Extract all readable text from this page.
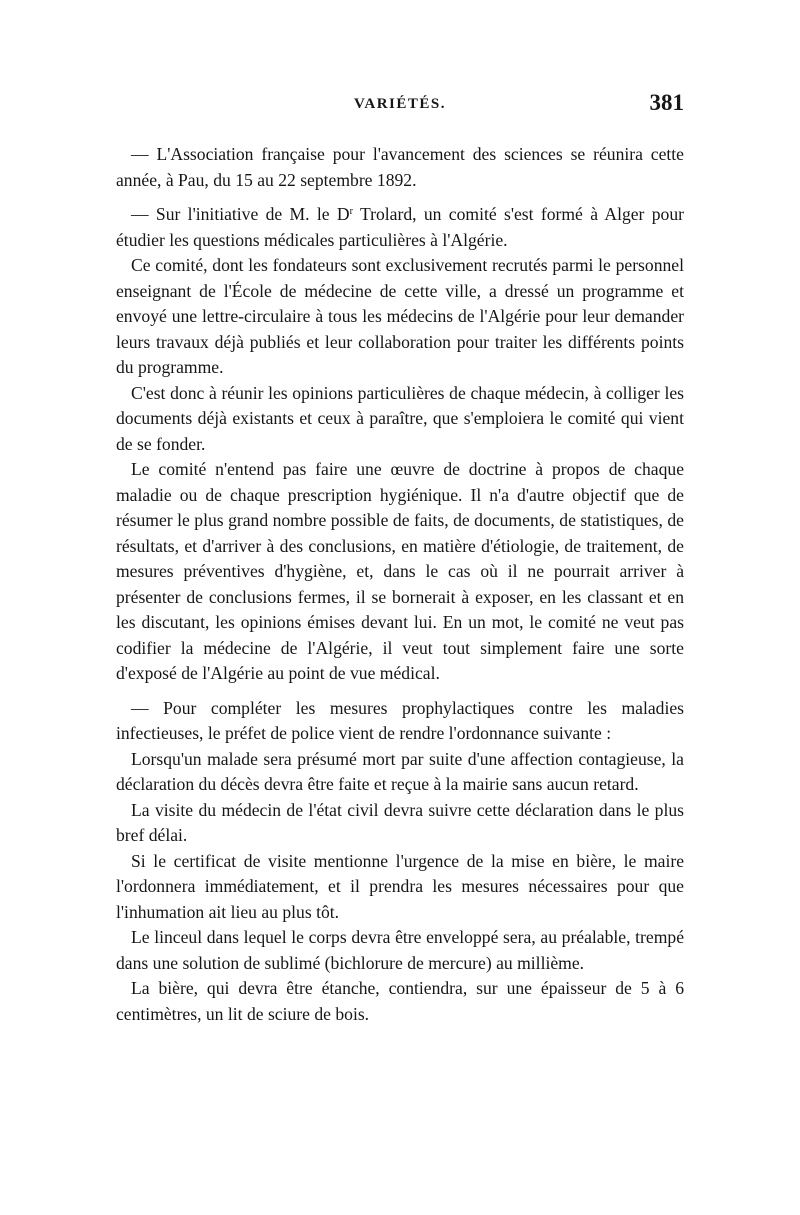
VARIÉTÉS.	381

— L'Association française pour l'avancement des sciences se réunira cette année, à Pau, du 15 au 22 septembre 1892.

— Sur l'initiative de M. le $D^r$ Trolard, un comité s'est formé à Alger pour étudier les questions médicales particulières à l'Algérie.

Ce comité, dont les fondateurs sont exclusivement recrutés parmi le personnel enseignant de l'École de médecine de cette ville, a dressé un programme et envoyé une lettre-circulaire à tous les médecins de l'Algérie pour leur demander leurs travaux déjà publiés et leur collaboration pour traiter les différents points du programme.

C'est donc à réunir les opinions particulières de chaque médecin, à colliger les documents déjà existants et ceux à paraître, que s'emploiera le comité qui vient de se fonder.

Le comité n'entend pas faire une œuvre de doctrine à propos de chaque maladie ou de chaque prescription hygiénique. Il n'a d'autre objectif que de résumer le plus grand nombre possible de faits, de documents, de statistiques, de résultats, et d'arriver à des conclusions, en matière d'étiologie, de traitement, de mesures préventives d'hygiène, et, dans le cas où il ne pourrait arriver à présenter de conclusions fermes, il se bornerait à exposer, en les classant et en les discutant, les opinions émises devant lui. En un mot, le comité ne veut pas codifier la médecine de l'Algérie, il veut tout simplement faire une sorte d'exposé de l'Algérie au point de vue médical.

— Pour compléter les mesures prophylactiques contre les maladies infectieuses, le préfet de police vient de rendre l'ordonnance suivante :

Lorsqu'un malade sera présumé mort par suite d'une affection contagieuse, la déclaration du décès devra être faite et reçue à la mairie sans aucun retard.

La visite du médecin de l'état civil devra suivre cette déclaration dans le plus bref délai.

Si le certificat de visite mentionne l'urgence de la mise en bière, le maire l'ordonnera immédiatement, et il prendra les mesures nécessaires pour que l'inhumation ait lieu au plus tôt.

Le linceul dans lequel le corps devra être enveloppé sera, au préalable, trempé dans une solution de sublimé (bichlorure de mercure) au millième.

La bière, qui devra être étanche, contiendra, sur une épaisseur de 5 à 6 centimètres, un lit de sciure de bois.
